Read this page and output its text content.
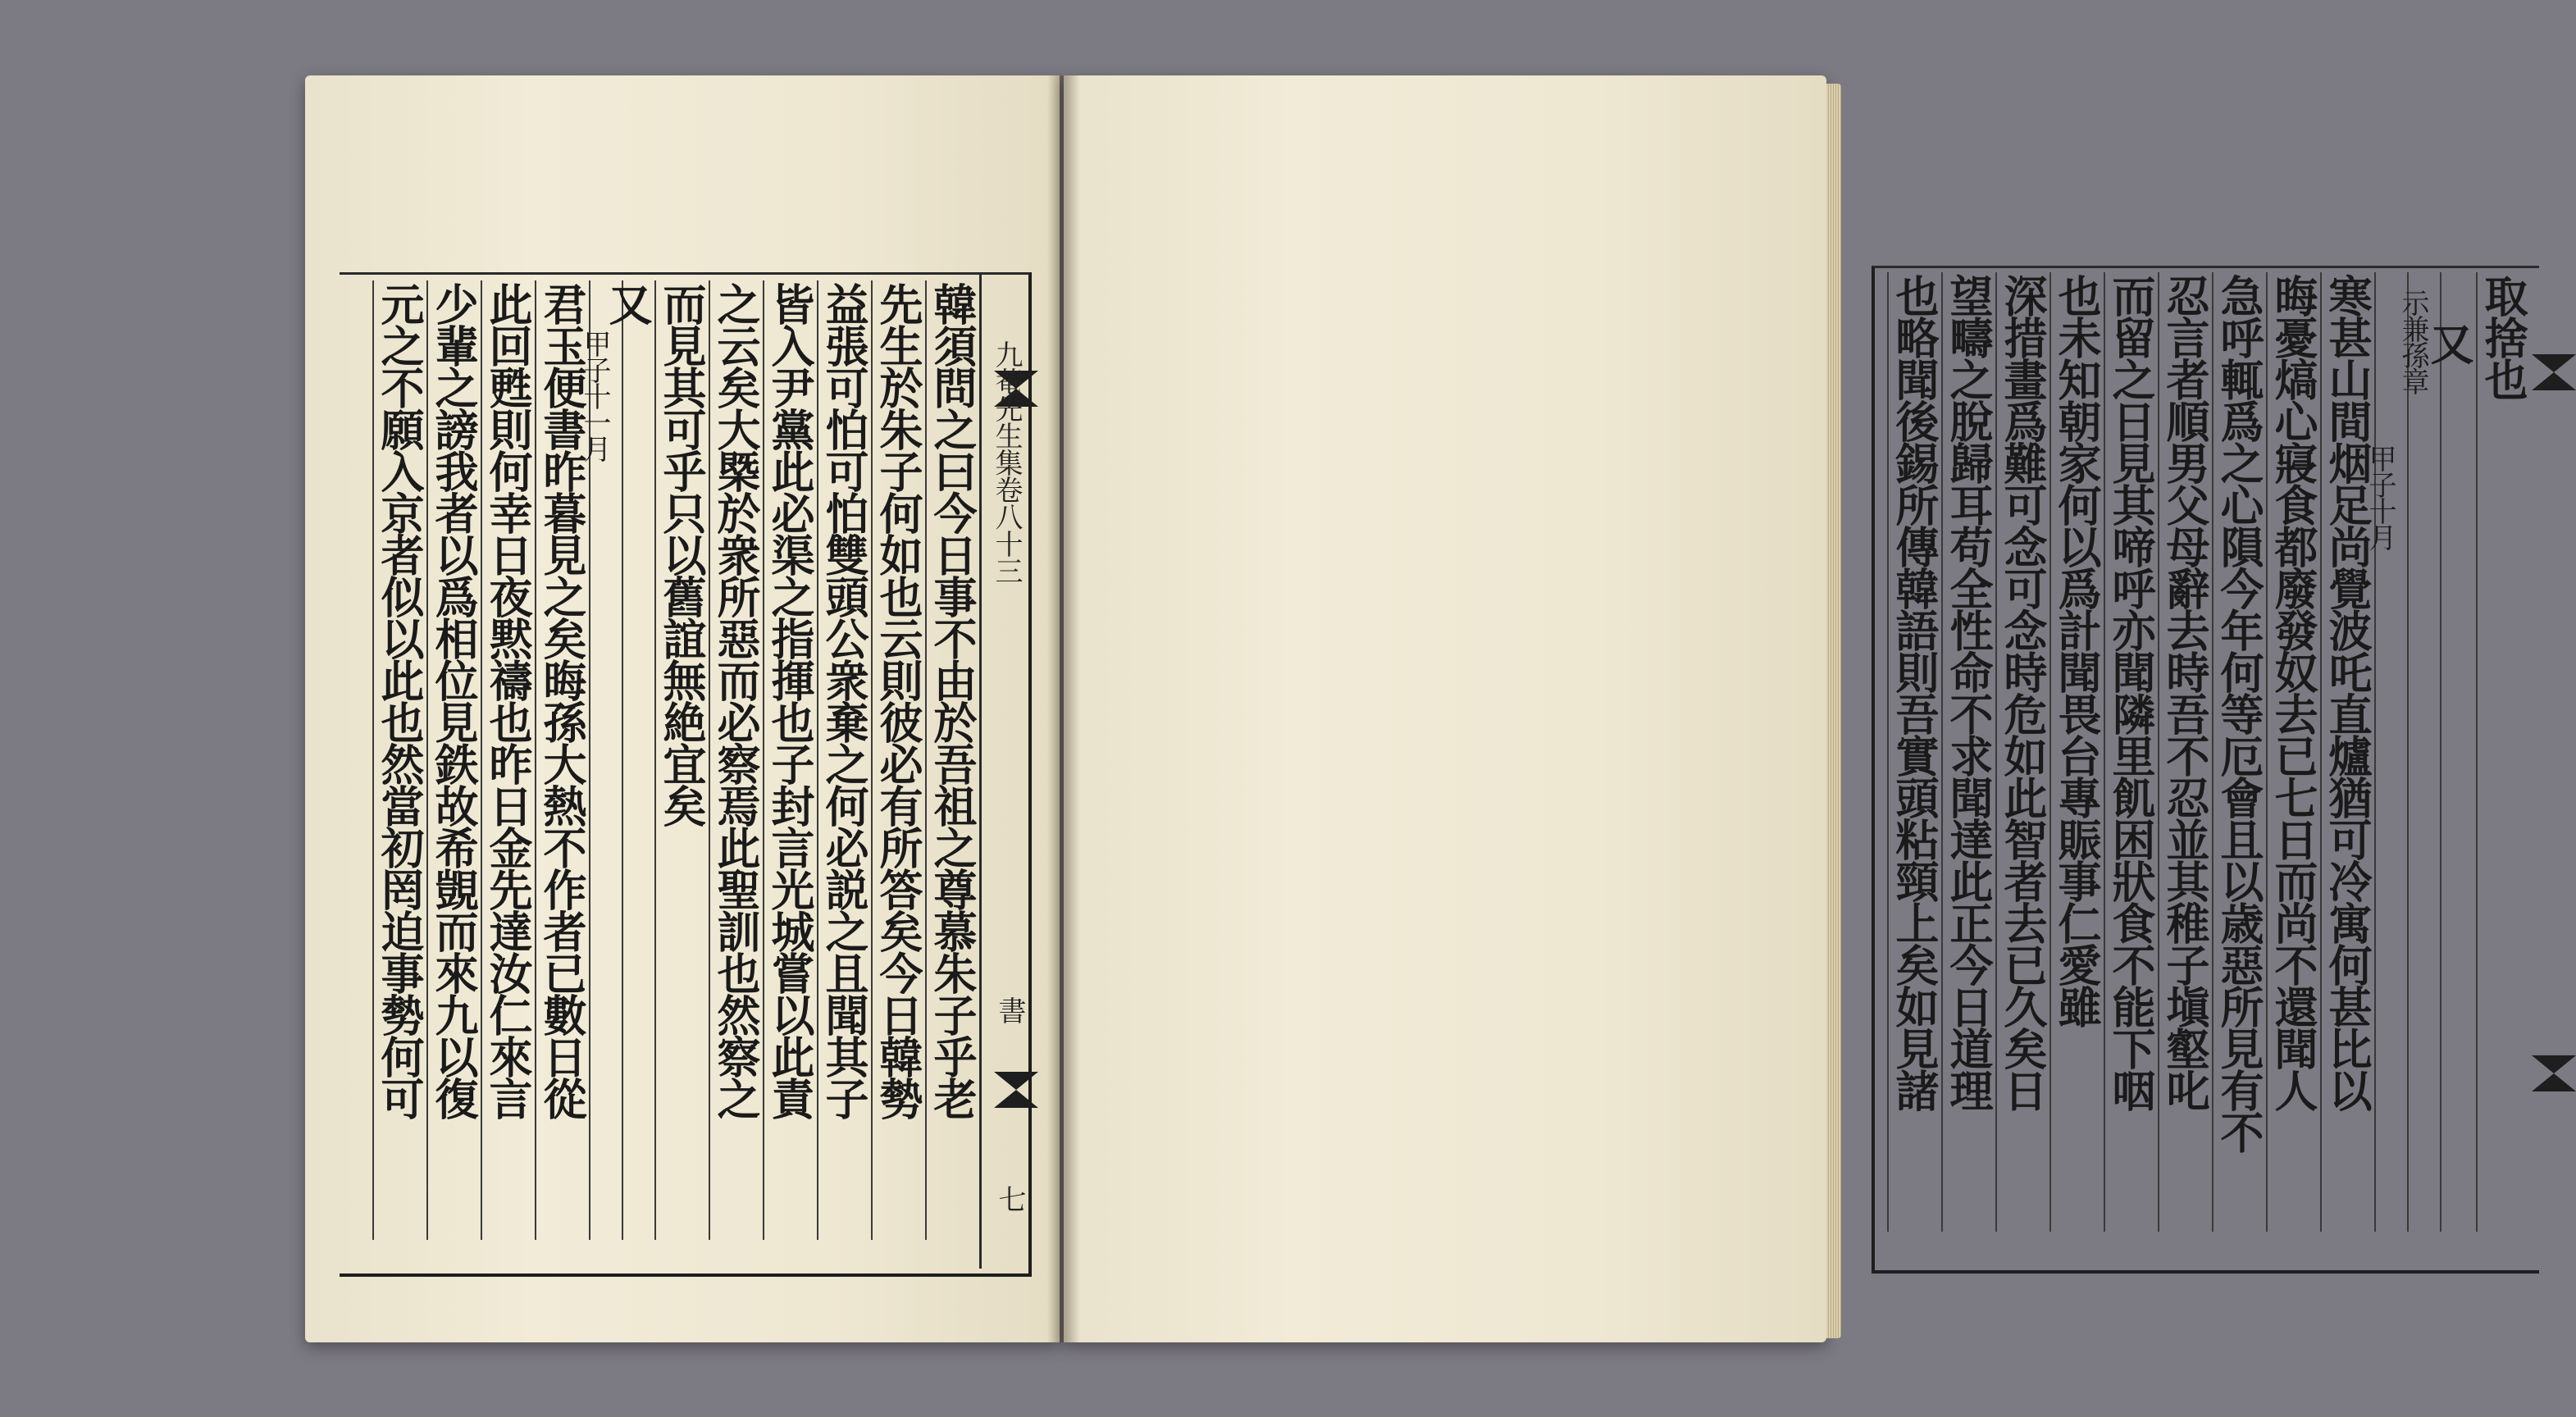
九菴先生集卷八十三
書
七
韓須問之曰今日事不由於吾祖之尊慕朱子乎老
先生於朱子何如也云則彼必有所答矣今日韓勢
益張可怕可怕雙頭公衆棄之何必説之且聞其子
皆入尹黨此必渠之指揮也子封言光城嘗以此責
之云矣大槩於衆所惡而必察焉此聖訓也然察之
而見其可乎只以舊誼無絶宜矣
又
甲子十一月
君玉便書昨暮見之矣晦孫大熱不作者已數日從
此回甦則何幸日夜黙禱也昨日金先達汝仁來言
少輩之謗我者以爲相位見鉄故希覬而來九以復
元之不願入京者似以此也然當初罔迫事勢何可	取捨也
又
示兼孫章
甲子十月
寒甚山間烟足尚覺波吒直爐猶可冷寓何甚比以
晦憂熇心寢食都廢發奴去已七日而尚不還聞人
急呼輒爲之心隕今年何等厄會且以歳惡所見有不
忍言者順男父母辭去時吾不忍並其稚子塡壑叱
而留之日見其啼呼亦聞隣里飢困狀食不能下咽
也未知朝家何以爲計聞畏台專賑事仁愛雖
深措畫爲難可念可念時危如此智者去已久矣日
望疇之脫歸耳苟全性命不求聞達此正今日道理
也略聞後錫所傳韓語則吾實頭粘頸上矣如見諸
